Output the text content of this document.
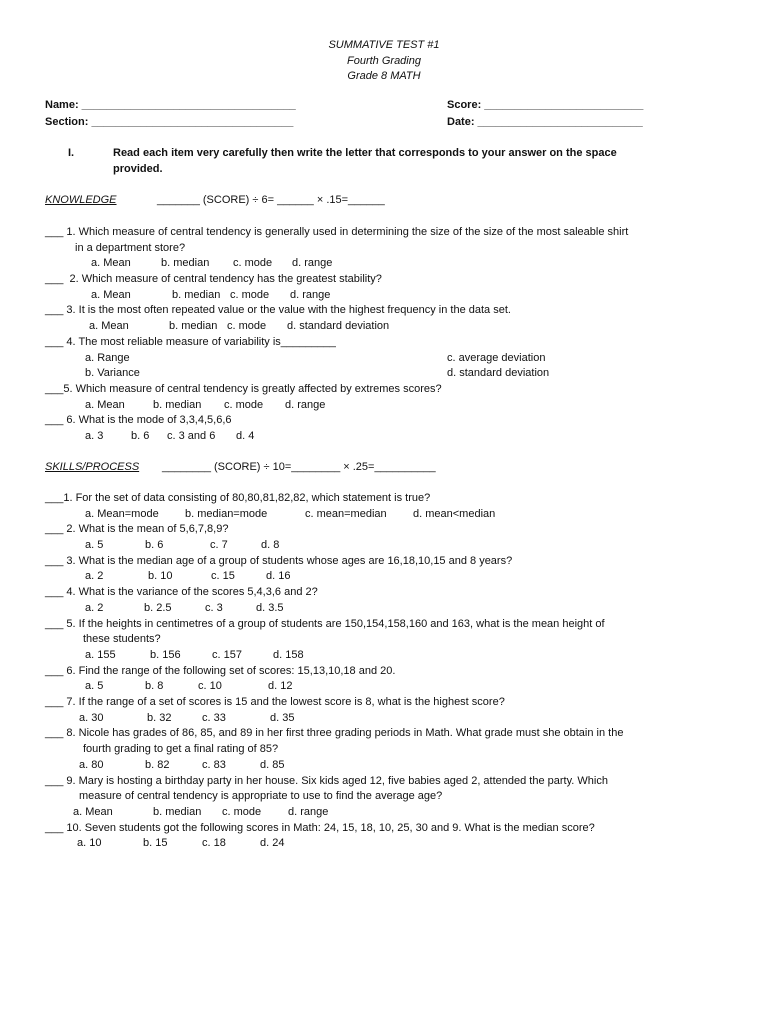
SUMMATIVE TEST #1
Fourth Grading
Grade 8 MATH
Name: ___________________________________	Score: __________________________
Section: _________________________________	Date: ___________________________
I.	Read each item very carefully then write the letter that corresponds to your answer on the space
provided.
KNOWLEDGE	_______ (SCORE) ÷ 6= ______ × .15=______
___ 1. Which measure of central tendency is generally used in determining the size of the size of the most saleable shirt
in a department store?
a. Mean	b. median c. mode d. range
___  2. Which measure of central tendency has the greatest stability?
a. Mean	b. median c. mode d. range
___ 3. It is the most often repeated value or the value with the highest frequency in the data set.
a. Mean	b. median c. mode d. standard deviation
___ 4. The most reliable measure of variability is_________
a. Range	c. average deviation
b. Variance	d. standard deviation
___5. Which measure of central tendency is greatly affected by extremes scores?
a. Mean	b. median c. mode d. range
___ 6. What is the mode of 3,3,4,5,6,6
a. 3	b. 6 c. 3 and 6 d. 4
SKILLS/PROCESS ________ (SCORE) ÷ 10=________ × .25=__________
___1. For the set of data consisting of 80,80,81,82,82, which statement is true?
a. Mean=mode b. median=mode	c. mean=median d. mean<median
___ 2. What is the mean of 5,6,7,8,9?
a. 5	b. 6	c. 7	d. 8
___ 3. What is the median age of a group of students whose ages are 16,18,10,15 and 8 years?
a. 2	b. 10	c. 15	d. 16
___ 4. What is the variance of the scores 5,4,3,6 and 2?
a. 2	b. 2.5	c. 3	d. 3.5
___ 5. If the heights in centimetres of a group of students are 150,154,158,160 and 163, what is the mean height of
these students?
a. 155	b. 156	c. 157	d. 158
___ 6. Find the range of the following set of scores: 15,13,10,18 and 20.
a. 5	b. 8	c. 10	d. 12
___ 7. If the range of a set of scores is 15 and the lowest score is 8, what is the highest score?
a. 30	b. 32	c. 33	d. 35
___ 8. Nicole has grades of 86, 85, and 89 in her first three grading periods in Math. What grade must she obtain in the
fourth grading to get a final rating of 85?
a. 80	b. 82	c. 83	d. 85
___ 9. Mary is hosting a birthday party in her house. Six kids aged 12, five babies aged 2, attended the party. Which
measure of central tendency is appropriate to use to find the average age?
a. Mean	b. median c. mode d. range
___ 10. Seven students got the following scores in Math: 24, 15, 18, 10, 25, 30 and 9. What is the median score?
a. 10	b. 15	c. 18	d. 24
